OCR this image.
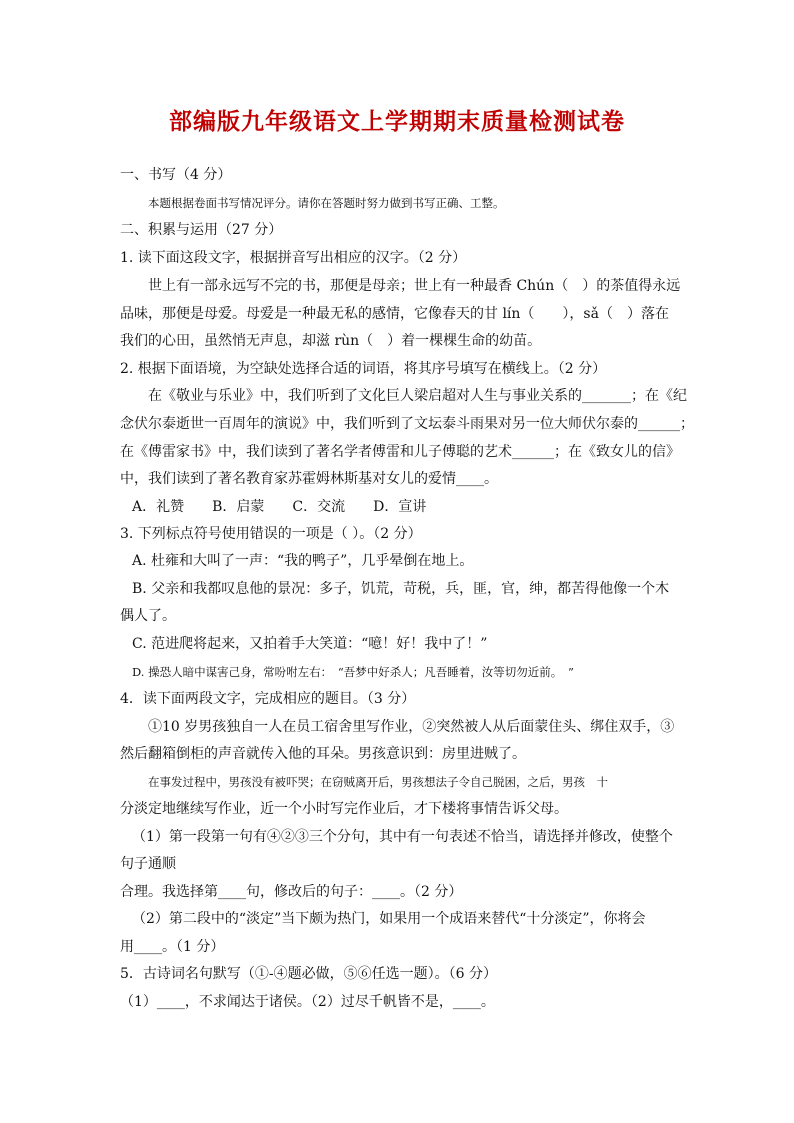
部编版九年级语文上学期期末质量检测试卷
一、书写（4 分）
本题根据卷面书写情况评分。请你在答题时努力做到书写正确、工整。
二、积累与运用（27 分）
1. 读下面这段文字，根据拼音写出相应的汉字。（2 分）
世上有一部永远写不完的书，那便是母亲；世上有一种最香 Chún（　）的茶值得永远
品味，那便是母爱。母爱是一种最无私的感情，它像春天的甘 lín（　　），sǎ（　）落在
我们的心田，虽然悄无声息，却滋 rùn（　）着一棵棵生命的幼苗。
2. 根据下面语境，为空缺处选择合适的词语，将其序号填写在横线上。（2 分）
在《敬业与乐业》中，我们听到了文化巨人梁启超对人生与事业关系的_______；在《纪
念伏尔泰逝世一百周年的演说》中，我们听到了文坛泰斗雨果对另一位大师伏尔泰的______；
在《傅雷家书》中，我们读到了著名学者傅雷和儿子傅聪的艺术______；在《致女儿的信》
中，我们读到了著名教育家苏霍姆林斯基对女儿的爱情____。
A．礼赞　　B．启蒙　　C．交流　　D．宣讲
3. 下列标点符号使用错误的一项是（ ）。（2 分）
A. 杜雍和大叫了一声：“我的鸭子”，几乎晕倒在地上。
B. 父亲和我都叹息他的景况：多子，饥荒，苛税，兵，匪，官，绅，都苦得他像一个木
偶人了。
C. 范进爬将起来，又拍着手大笑道：“噫！好！我中了！”
D. 操恐人暗中谋害己身，常吩咐左右：　“吾梦中好杀人；凡吾睡着，汝等切勿近前。　”
4．读下面两段文字，完成相应的题目。（3 分）
①10 岁男孩独自一人在员工宿舍里写作业，②突然被人从后面蒙住头、绑住双手，③
然后翻箱倒柜的声音就传入他的耳朵。男孩意识到：房里进贼了。
在事发过程中，男孩没有被吓哭；在窃贼离开后，男孩想法子令自己脱困，之后，男孩　十
分淡定地继续写作业，近一个小时写完作业后，才下楼将事情告诉父母。
（1）第一段第一句有④②③三个分句，其中有一句表述不恰当，请选择并修改，使整个
句子通顺
合理。我选择第____句，修改后的句子：____。（2 分）
（2）第二段中的“淡定”当下颇为热门，如果用一个成语来替代“十分淡定”，你将会
用____。（1 分）
5．古诗词名句默写（①-④题必做，⑤⑥任选一题）。（6 分）
（1）____，不求闻达于诸侯。（2）过尽千帆皆不是，____。
